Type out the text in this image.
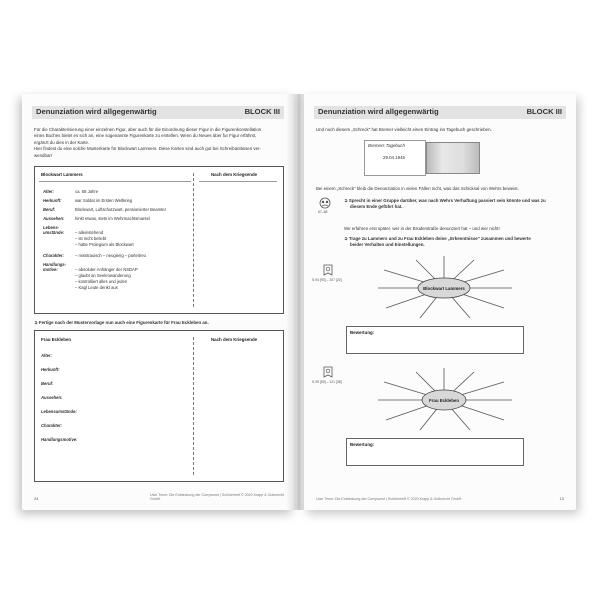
Denunziation wird allgegenwärtig	BLOCK III
Für die Charakterisierung einer einzelnen Figur, aber auch für die Einordnung dieser Figur in die Figurenkonstellation
eines Buches bietet es sich an, eine sogenannte Figurenkarte zu erstellen. Wenn du Neues über fur Figur erfährst,
ergänzt du dies in der Karte.
Hier findest du eine solche Musterkarte für Blockwart Lammers. Diese Karten sind auch gut bei Schreibanlässen ver-
wendbar!
Blockwart Lammers	Nach dem Kriegsende
Alter:	ca. 58 Jahre
Herkunft:	war Soldat im Ersten Weltkrieg
Beruf:	Blockwart, Luftschutzwart, pensionierter Beamter
Aussehen:	hinkt etwas, stets im Wehrmachtsmantel
Lebens-
umstände:	– alleinstehend
– ist nicht beliebt
– hatte Prolegium als Blockwart
Charakter:	– misstrauisch – neugierig – parteitreu
Handlungs-
motive:	– absoluter Anhänger der NSDAP
– glaubt an Seelenwanderung
– kontrolliert alles und jeden
– Kagl Leute denkt aus
➲ Fertige nach der Mustervorlage nun auch eine Figurenkarte für Frau Eckleben an.
Frau Eckleben	Nach dem Kriegsende
Alter:
Herkunft:
Beruf:
Aussehen:
Lebensumstände:
Charakter:
Handlungsmotive:
24
Uwe Timm: Die Entdeckung der Currywurst | Schülerheft © 2020 Krapp & Gutknecht GmbH
Denunziation wird allgegenwärtig	BLOCK III
Und noch diesem „Schreck" hat Bremer vielleicht einen Eintrag ins Tagebuch geschrieben.
Bremers Tagebuch
29.04.1945
Bei einem „Schreck" bleib die Denunziation in vielen Fällen nicht, was das Schicksal von Wehrs beweist.
67–68
➲ Sprecht in einer Gruppe darüber, was nach Wehrs Verhaftung passiert sein könnte und was zu
diesem Ende geführt hat.
Wir erfahren erst später, wer in der Brüderstraße denunziert hat – und wer nicht!
➲ Trage zu Lammers und zu Frau Eckleben deine „Erkenntnisse" zusammen und bewerte
beider Verhalten und Einstellungen.
S.94 [93] – 107 [20]
Blockwart Lammers
Bewertung:
S.09 [59] – 121 [38]
Frau Eckleben
Bewertung:
Uwe Timm: Die Entdeckung der Currywurst | Schülerheft © 2020 Krapp & Gutknecht GmbH	13
